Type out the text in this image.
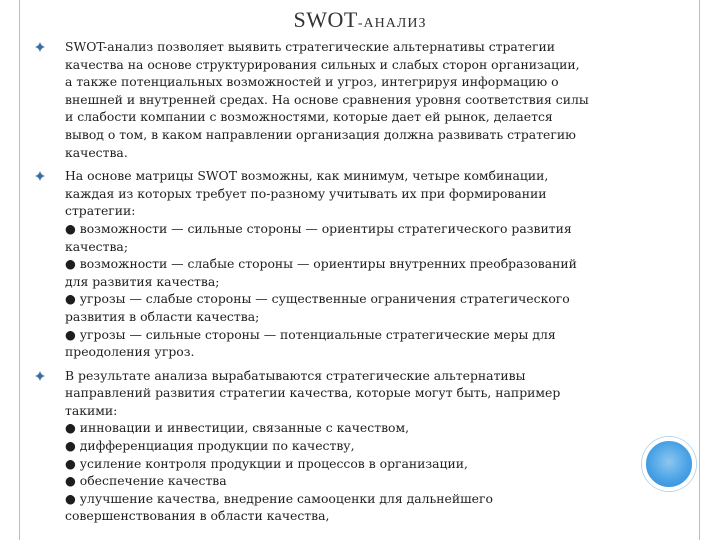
SWOT-АНАЛИЗ
SWOT-анализ позволяет выявить стратегические альтернативы стратегии
качества на основе структурирования сильных и слабых сторон организации,
а также потенциальных возможностей и угроз, интегрируя информацию о
внешней и внутренней средах. На основе сравнения уровня соответствия силы
и слабости компании с возможностями, которые дает ей рынок, делается
вывод о том, в каком направлении организация должна развивать стратегию
качества.
На основе матрицы SWOT возможны, как минимум, четыре комбинации,
каждая из которых требует по-разному учитывать их при формировании
стратегии:
● возможности — сильные стороны — ориентиры стратегического развития
качества;
● возможности — слабые стороны — ориентиры внутренних преобразований
для развития качества;
● угрозы — слабые стороны — существенные ограничения стратегического
развития в области качества;
● угрозы — сильные стороны — потенциальные стратегические меры для
преодоления угроз.
В результате анализа вырабатываются стратегические альтернативы
направлений развития стратегии качества, которые могут быть, например
такими:
● инновации и инвестиции, связанные с качеством,
● дифференциация продукции по качеству,
● усиление контроля продукции и процессов в организации,
● обеспечение качества
● улучшение качества, внедрение самооценки для дальнейшего
совершенствования в области качества,
